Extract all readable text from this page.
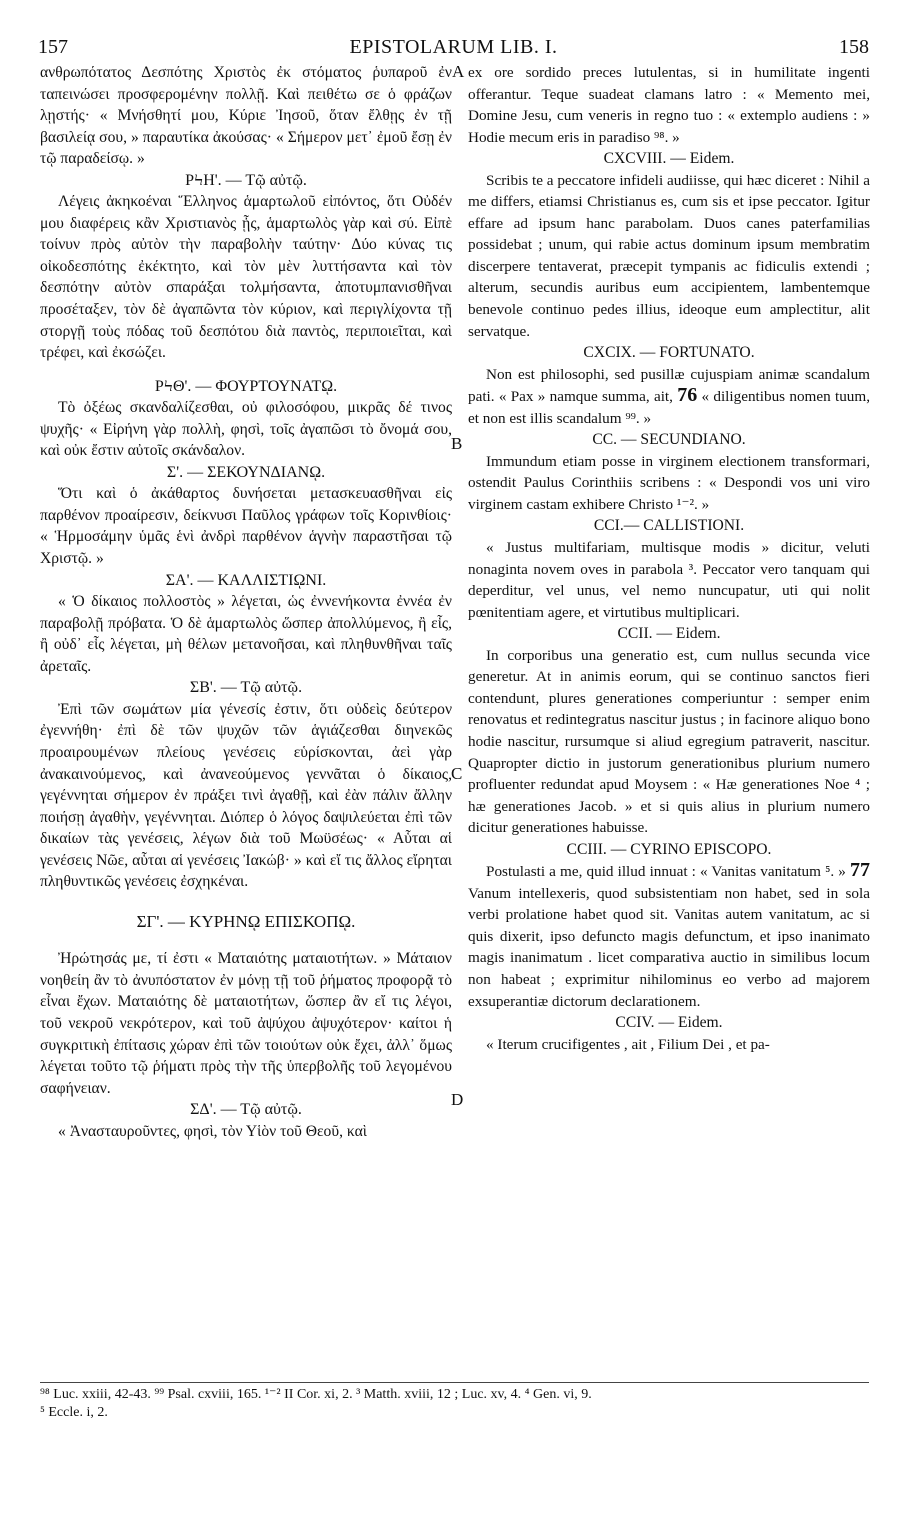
157	EPISTOLARUM LIB. I.	158

ανθρωπότατος Δεσπότης Χριστὸς ἐκ στόματος ῥυπαροῦ ἐν ταπεινώσει προσφερομένην πολλῇ. Καὶ πειθέτω σε ὁ φράζων λῃστής· « Μνήσθητί μου, Κύριε Ἰησοῦ, ὅταν ἔλθῃς ἐν τῇ βασιλείᾳ σου, » παραυτίκα ἀκούσας· « Σήμερον μετ᾽ ἐμοῦ ἔσῃ ἐν τῷ παραδείσῳ. »

ΡϞΗ'. — Τῷ αὐτῷ.

Λέγεις ἀκηκοέναι Ἕλληνος ἁμαρτωλοῦ εἰπόντος, ὅτι Οὐδέν μου διαφέρεις κἂν Χριστιανὸς ᾖς, ἁμαρτωλὸς γὰρ καὶ σύ. Εἰπὲ τοίνυν πρὸς αὐτὸν τὴν παραβολὴν ταύτην· Δύο κύνας τις οἰκοδεσπότης ἐκέκτητο, καὶ τὸν μὲν λυττήσαντα καὶ τὸν δεσπότην αὐτὸν σπαράξαι τολμήσαντα, ἀποτυμπανισθῆναι προσέταξεν, τὸν δὲ ἀγαπῶντα τὸν κύριον, καὶ περιγλίχοντα τῇ στοργῇ τοὺς πόδας τοῦ δεσπότου διὰ παντὸς, περιποιεῖται, καὶ τρέφει, καὶ ἐκσώζει.

ΡϞΘ'. — ΦΟΥΡΤΟΥΝΑΤῼ.

Τὸ ὀξέως σκανδαλίζεσθαι, οὐ φιλοσόφου, μικρᾶς δέ τινος ψυχῆς· « Εἰρήνη γὰρ πολλὴ, φησὶ, τοῖς ἀγαπῶσι τὸ ὄνομά σου, καὶ οὐκ ἔστιν αὐτοῖς σκάνδαλον.

Σ'. — ΣΕΚΟΥΝΔΙΑΝῼ.

Ὅτι καὶ ὁ ἀκάθαρτος δυνήσεται μετασκευασθῆναι εἰς παρθένον προαίρεσιν, δείκνυσι Παῦλος γράφων τοῖς Κορινθίοις· « Ἡρμοσάμην ὑμᾶς ἑνὶ ἀνδρὶ παρθένον ἁγνὴν παραστῆσαι τῷ Χριστῷ. »

ΣΑ'. — ΚΑΛΛΙΣΤΙῼΝΙ.

« Ὁ δίκαιος πολλοστὸς » λέγεται, ὡς ἐννενήκοντα ἐννέα ἐν παραβολῇ πρόβατα. Ὁ δὲ ἁμαρτωλὸς ὥσπερ ἀπολλύμενος, ἢ εἷς, ἢ οὐδ᾽ εἷς λέγεται, μὴ θέλων μετανοῆσαι, καὶ πληθυνθῆναι ταῖς ἀρεταῖς.

ΣΒ'. — Τῷ αὐτῷ.

Ἐπὶ τῶν σωμάτων μία γένεσίς ἐστιν, ὅτι οὐδεὶς δεύτερον ἐγεννήθη· ἐπὶ δὲ τῶν ψυχῶν τῶν ἁγιάζεσθαι διηνεκῶς προαιρουμένων πλείους γενέσεις εὑρίσκονται, ἀεὶ γὰρ ἀνακαινούμενος, καὶ ἀνανεούμενος γεννᾶται ὁ δίκαιος, γεγέννηται σήμερον ἐν πράξει τινὶ ἀγαθῇ, καὶ ἐὰν πάλιν ἄλλην ποιήσῃ ἀγαθὴν, γεγέννηται. Διόπερ ὁ λόγος δαψιλεύεται ἐπὶ τῶν δικαίων τὰς γενέσεις, λέγων διὰ τοῦ Μωϋσέως· « Αὗται αἱ γενέσεις Νῶε, αὗται αἱ γενέσεις Ἰακώβ· » καὶ εἴ τις ἄλλος εἴρηται πληθυντικῶς γενέσεις ἐσχηκέναι.

ΣΓ'. — ΚΥΡΗΝῼ ΕΠΙΣΚΟΠῼ.

Ἠρώτησάς με, τί ἐστι « Ματαιότης ματαιοτήτων. » Μάταιον νοηθείη ἂν τὸ ἀνυπόστατον ἐν μόνῃ τῇ τοῦ ῥήματος προφορᾷ τὸ εἶναι ἔχων. Ματαιότης δὲ ματαιοτήτων, ὥσπερ ἂν εἴ τις λέγοι, τοῦ νεκροῦ νεκρότερον, καὶ τοῦ ἀψύχου ἀψυχότερον· καίτοι ἡ συγκριτικὴ ἐπίτασις χώραν ἐπὶ τῶν τοιούτων οὐκ ἔχει, ἀλλ᾽ ὅμως λέγεται τοῦτο τῷ ῥήματι πρὸς τὴν τῆς ὑπερβολῆς τοῦ λεγομένου σαφήνειαν.

ΣΔ'. — Τῷ αὐτῷ.

« Ἀνασταυροῦντες, φησὶ, τὸν Υἱὸν τοῦ Θεοῦ, καὶ

ex ore sordido preces lutulentas, si in humilitate ingenti offerantur. Teque suadeat clamans latro : « Memento mei, Domine Jesu, cum veneris in regno tuo : « extemplo audiens : » Hodie mecum eris in paradiso ⁹⁸. »

CXCVIII. — Eidem.

Scribis te a peccatore infideli audiisse, qui hæc diceret : Nihil a me differs, etiamsi Christianus es, cum sis et ipse peccator. Igitur effare ad ipsum hanc parabolam. Duos canes paterfamilias possidebat ; unum, qui rabie actus dominum ipsum membratim discerpere tentaverat, præcepit tympanis ac fidiculis extendi ; alterum, secundis auribus eum accipientem, lambentemque benevole continuo pedes illius, ideoque eum amplectitur, alit servatque.

CXCIX. — FORTUNATO.

Non est philosophi, sed pusillæ cujuspiam animæ scandalum pati. « Pax » namque summa, ait, 76 « diligentibus nomen tuum, et non est illis scandalum ⁹⁹. »

CC. — SECUNDIANO.

Immundum etiam posse in virginem electionem transformari, ostendit Paulus Corinthiis scribens : « Despondi vos uni viro virginem castam exhibere Christo ¹⁻². »

CCI.— CALLISTIONI.

« Justus multifariam, multisque modis » dicitur, veluti nonaginta novem oves in parabola ³. Peccator vero tanquam qui deperditur, vel unus, vel nemo nuncupatur, uti qui nolit pœnitentiam agere, et virtutibus multiplicari.

CCII. — Eidem.

In corporibus una generatio est, cum nullus secunda vice generetur. At in animis eorum, qui se continuo sanctos fieri contendunt, plures generationes comperiuntur : semper enim renovatus et redintegratus nascitur justus ; in facinore aliquo bono hodie nascitur, rursumque si aliud egregium patraverit, nascitur. Quapropter dictio in justorum generationibus plurium numero profluenter redundat apud Moysem : « Hæ generationes Noe ⁴ ; hæ generationes Jacob. » et si quis alius in plurium numero dicitur generationes habuisse.

CCIII. — CYRINO EPISCOPO.

Postulasti a me, quid illud innuat : « Vanitas vanitatum ⁵. » 77 Vanum intellexeris, quod subsistentiam non habet, sed in sola verbi prolatione habet quod sit. Vanitas autem vanitatum, ac si quis dixerit, ipso defuncto magis defunctum, et ipso inanimato magis inanimatum . licet comparativa auctio in similibus locum non habeat ; exprimitur nihilominus eo verbo ad majorem exsuperantiæ dictorum declarationem.

CCIV. — Eidem.

« Iterum crucifigentes , ait , Filium Dei , et pa-

A
B
C
D
⁹⁸ Luc. xxiii, 42-43. ⁹⁹ Psal. cxviii, 165. ¹⁻² II Cor. xi, 2. ³ Matth. xviii, 12 ; Luc. xv, 4. ⁴ Gen. vi, 9.
⁵ Eccle. i, 2.
